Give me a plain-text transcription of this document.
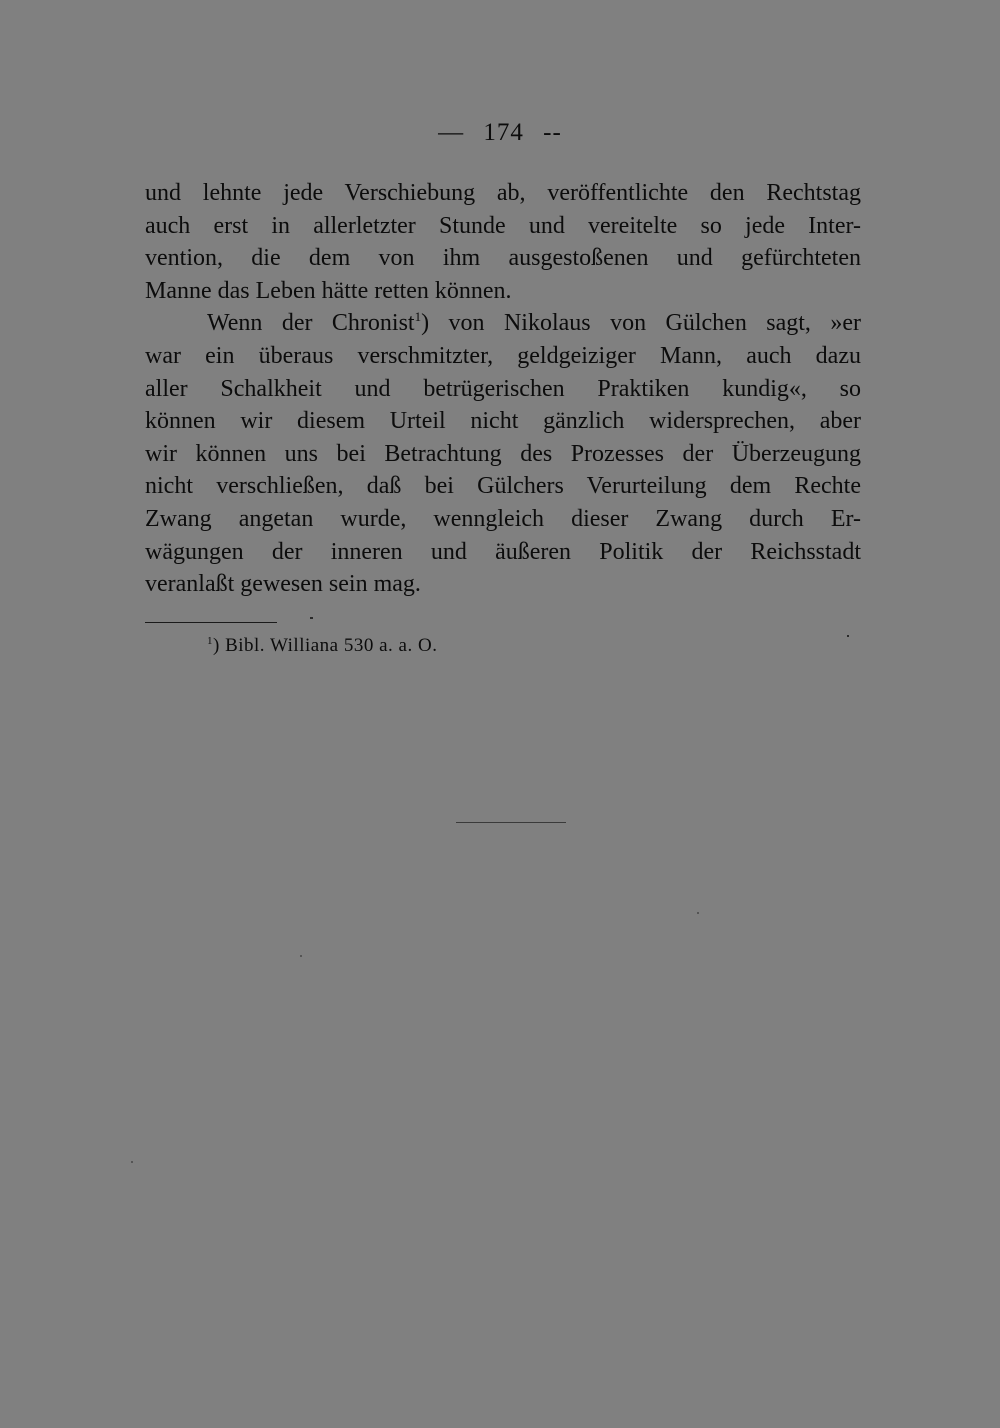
— 174 --
und lehnte jede Verschiebung ab, veröffentlichte den Rechtstag
auch erst in allerletzter Stunde und vereitelte so jede Inter-
vention, die dem von ihm ausgestoßenen und gefürchteten
Manne das Leben hätte retten können.
Wenn der Chronist$^1$) von Nikolaus von Gülchen sagt, »er
war ein überaus verschmitzter, geldgeiziger Mann, auch dazu
aller Schalkheit und betrügerischen Praktiken kundig«, so
können wir diesem Urteil nicht gänzlich widersprechen, aber
wir können uns bei Betrachtung des Prozesses der Überzeugung
nicht verschließen, daß bei Gülchers Verurteilung dem Rechte
Zwang angetan wurde, wenngleich dieser Zwang durch Er-
wägungen der inneren und äußeren Politik der Reichsstadt
veranlaßt gewesen sein mag.
$^1$) Bibl. Williana 530 a. a. O.
